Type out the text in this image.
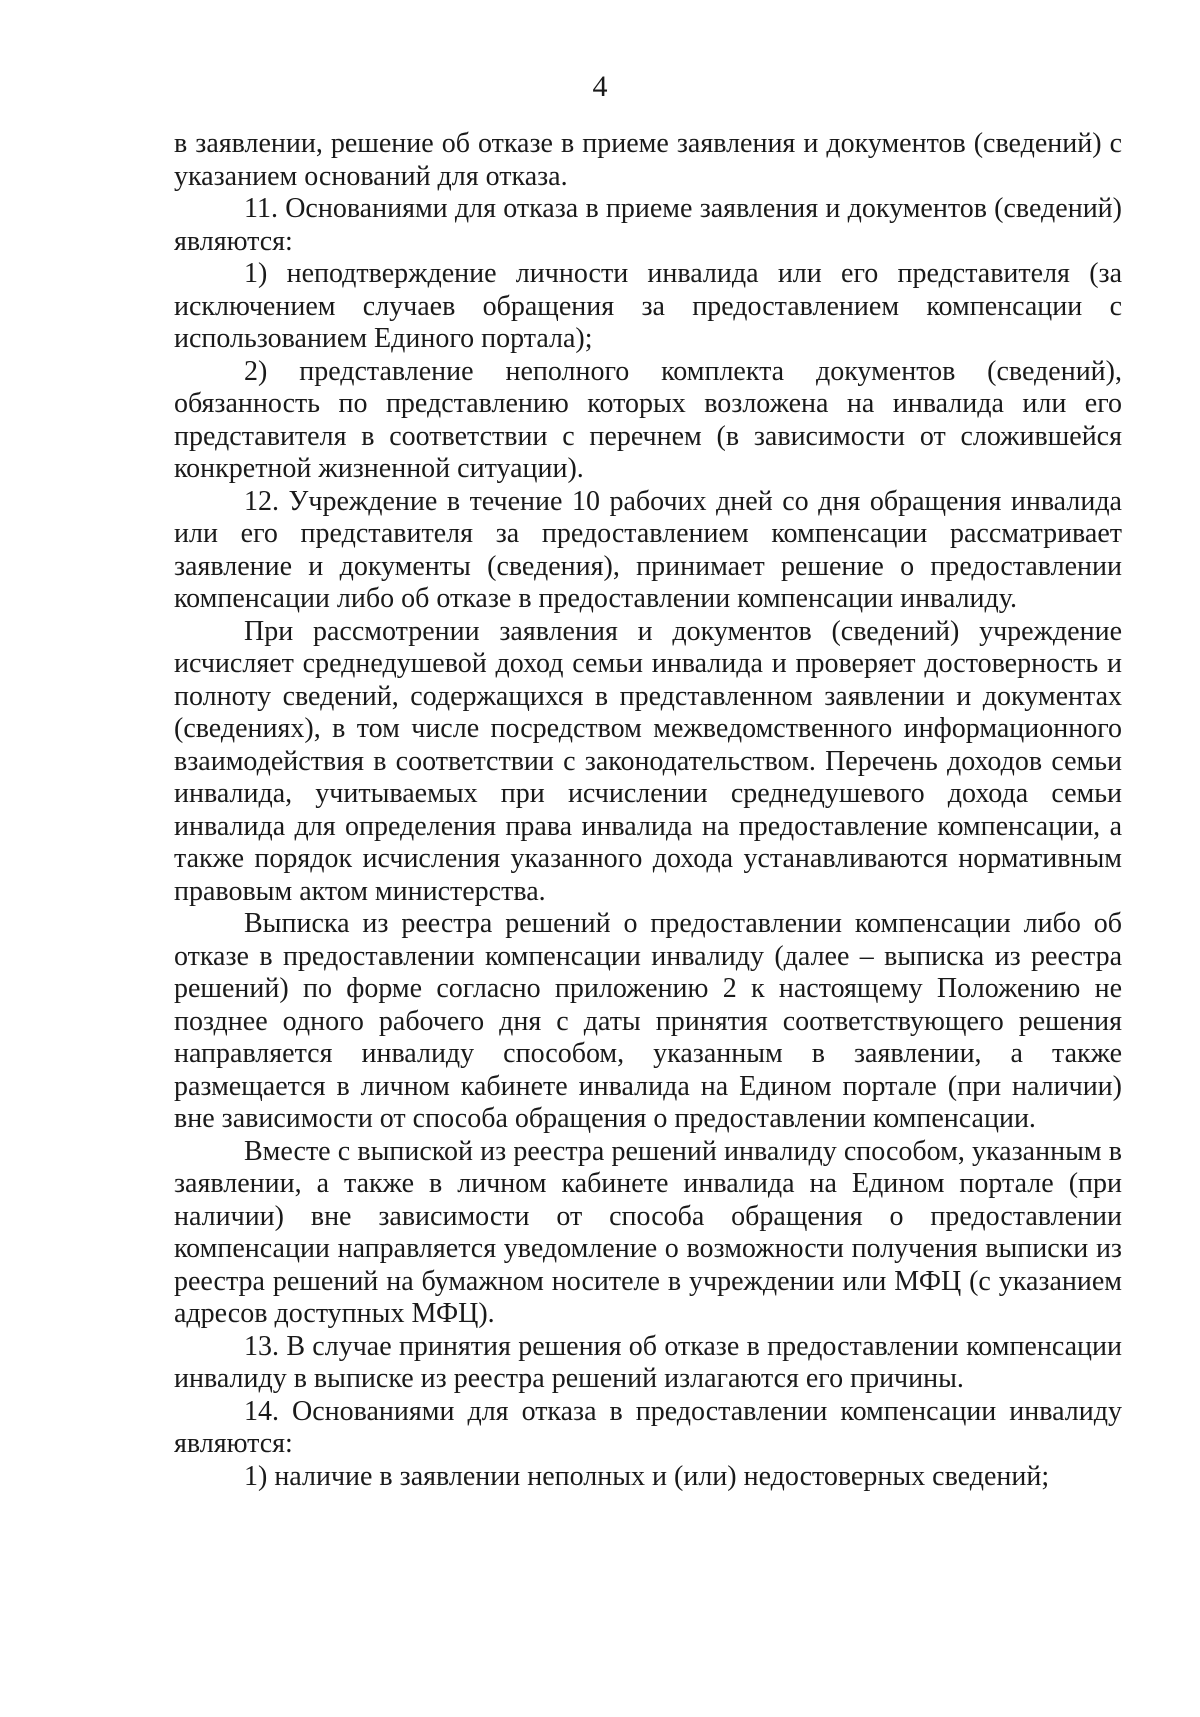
4

в заявлении, решение об отказе в приеме заявления и документов (сведений) с указанием оснований для отказа.

11. Основаниями для отказа в приеме заявления и документов (сведений) являются:

1) неподтверждение личности инвалида или его представителя (за исключением случаев обращения за предоставлением компенсации с использованием Единого портала);

2) представление неполного комплекта документов (сведений), обязанность по представлению которых возложена на инвалида или его представителя в соответствии с перечнем (в зависимости от сложившейся конкретной жизненной ситуации).

12. Учреждение в течение 10 рабочих дней со дня обращения инвалида или его представителя за предоставлением компенсации рассматривает заявление и документы (сведения), принимает решение о предоставлении компенсации либо об отказе в предоставлении компенсации инвалиду.

При рассмотрении заявления и документов (сведений) учреждение исчисляет среднедушевой доход семьи инвалида и проверяет достоверность и полноту сведений, содержащихся в представленном заявлении и документах (сведениях), в том числе посредством межведомственного информационного взаимодействия в соответствии с законодательством. Перечень доходов семьи инвалида, учитываемых при исчислении среднедушевого дохода семьи инвалида для определения права инвалида на предоставление компенсации, а также порядок исчисления указанного дохода устанавливаются нормативным правовым актом министерства.

Выписка из реестра решений о предоставлении компенсации либо об отказе в предоставлении компенсации инвалиду (далее – выписка из реестра решений) по форме согласно приложению 2 к настоящему Положению не позднее одного рабочего дня с даты принятия соответствующего решения направляется инвалиду способом, указанным в заявлении, а также размещается в личном кабинете инвалида на Едином портале (при наличии) вне зависимости от способа обращения о предоставлении компенсации.

Вместе с выпиской из реестра решений инвалиду способом, указанным в заявлении, а также в личном кабинете инвалида на Едином портале (при наличии) вне зависимости от способа обращения о предоставлении компенсации направляется уведомление о возможности получения выписки из реестра решений на бумажном носителе в учреждении или МФЦ (с указанием адресов доступных МФЦ).

13. В случае принятия решения об отказе в предоставлении компенсации инвалиду в выписке из реестра решений излагаются его причины.

14. Основаниями для отказа в предоставлении компенсации инвалиду являются:

1) наличие в заявлении неполных и (или) недостоверных сведений;
